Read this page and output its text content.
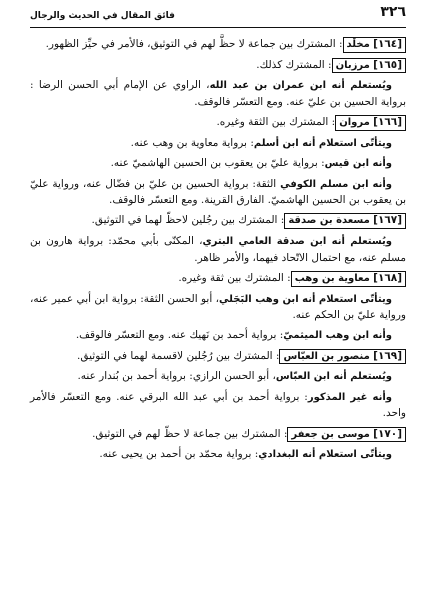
٣٢٦
فائق المقال في الحديث والرجال

[١٦٤] مخلَد: المشترك بين جماعة لا حظَّ لهم في التوثيق، فالأمر في حيِّز الظهور.

[١٦٥] مرزبان: المشترك كذلك.

ويُستعلم أنه ابن عمران بن عبد الله، الراوي عن الإمام أبي الحسن الرضا : برواية الحسين بن عليّ عنه. ومع التعسّر فالوقف.

[١٦٦] مروان: المشترك بين الثقة وغيره.

ويتأتّى استعلام أنه ابن أسلم: برواية معاوية بن وهب عنه.

وأنه ابن قيس: برواية عليّ بن يعقوب بن الحسين الهاشميّ عنه.

وأنه ابن مسلم الكوفي الثقة: برواية الحسين بن عليّ بن فضّال عنه، ورواية عليّ بن يعقوب بن الحسين الهاشميّ. الفارق القرينة. ومع التعسّر فالوقف.

[١٦٧] مسعدة بن صدقة: المشترك بين رجُلين لاحظّ لهما في التوثيق.

ويُستعلم أنه ابن صدقة العامي البتري، المكنّى بأبي محمّد: برواية هارون بن مسلم عنه، مع احتمال الاتّحاد فيهما، والأمر ظاهر.

[١٦٨] معاوية بن وهب: المشترك بين ثقة وغيره.

ويتأتّى استعلام أنه ابن وهب البَجَلي، أبو الحسن الثقة: برواية ابن أبي عمير عنه، ورواية عليّ بن الحكم عنه.

وأنه ابن وهب الميثميّ: برواية أحمد بن نَهيك عنه. ومع التعسّر فالوقف.

[١٦٩] منصور بن العبّاس: المشترك بين رُجُلين لاقسمة لهما في التوثيق.

ويُستعلم أنه ابن العبّاس، أبو الحسن الرازي: برواية أحمد بن بُندار عنه.

وأنه غير المذكور: برواية أحمد بن أبي عبد الله البرقي عنه. ومع التعسّر فالأمر واحد.

[١٧٠] موسى بن جعفر: المشترك بين جماعة لا حظّ لهم في التوثيق.

ويتأتّى استعلام أنه البغدادي: برواية محمّد بن أحمد بن يحيى عنه.
